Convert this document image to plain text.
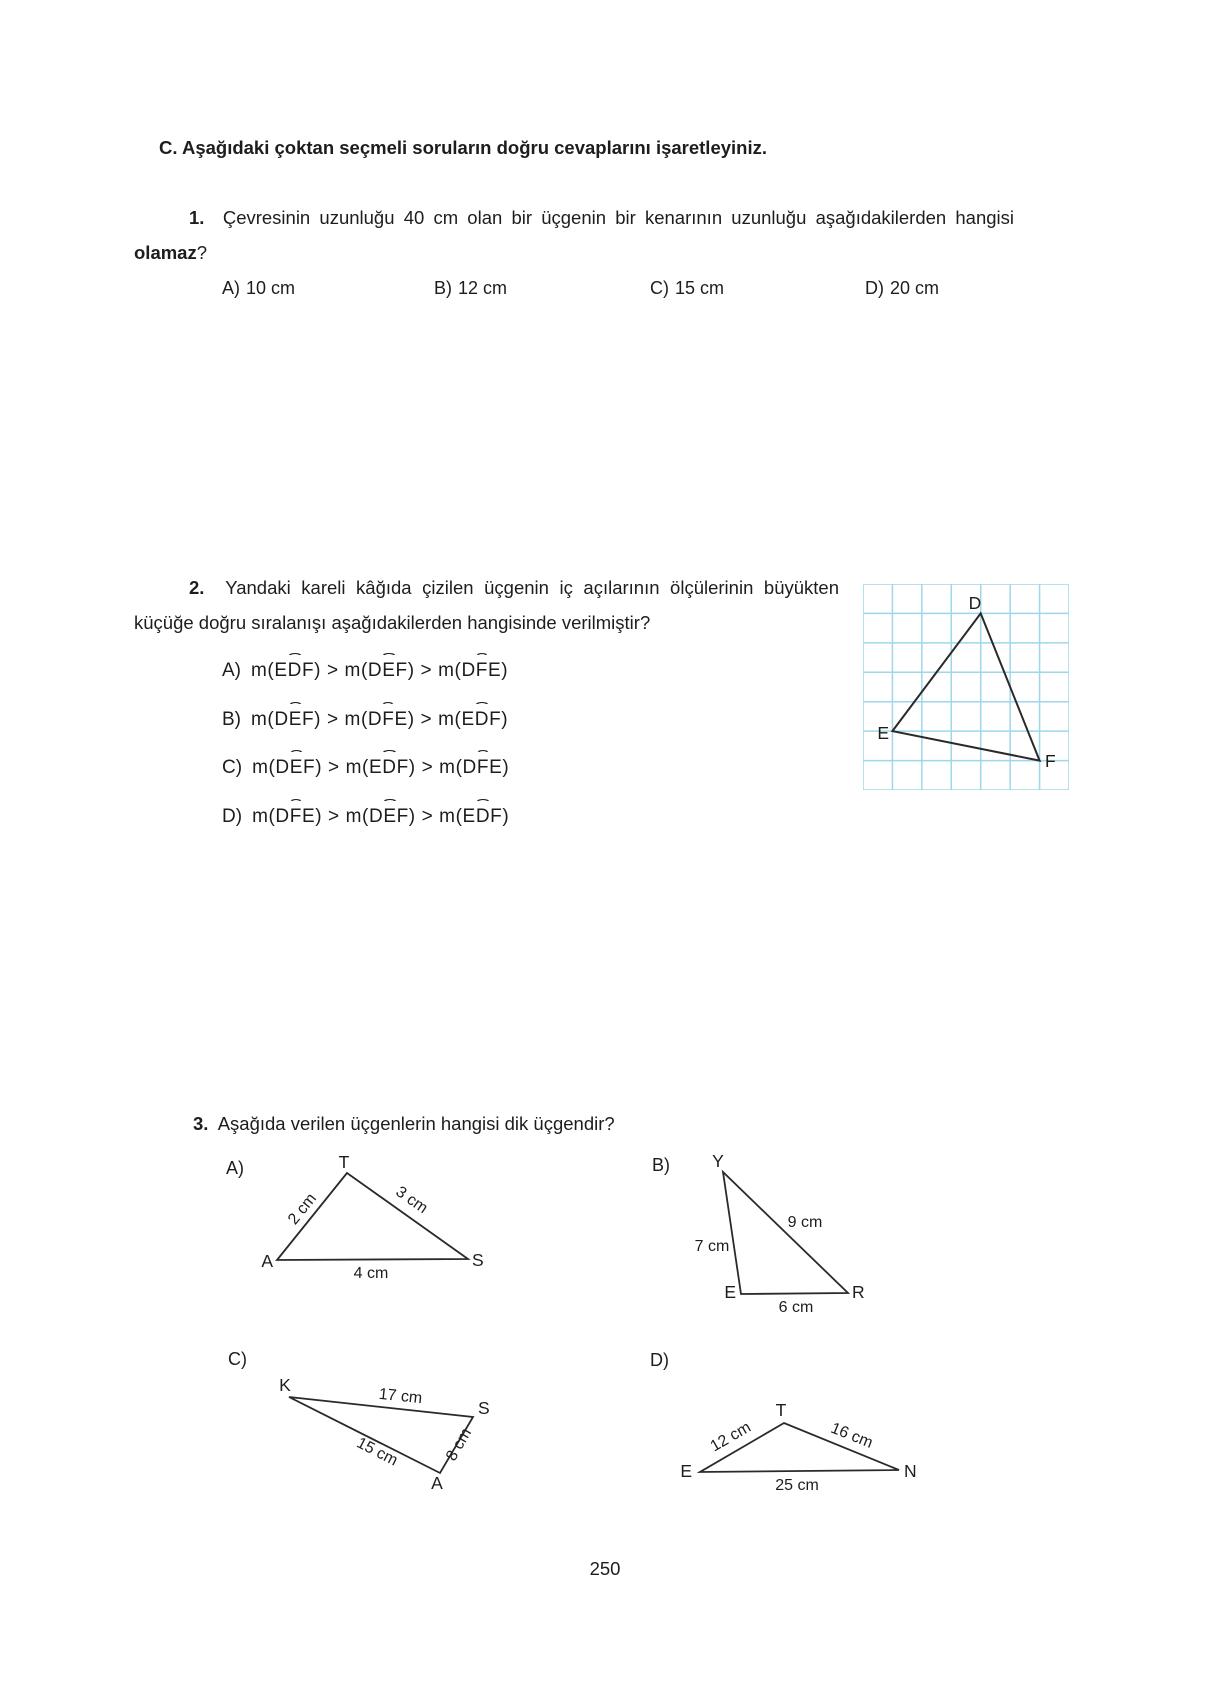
C. Aşağıdaki çoktan seçmeli soruların doğru cevaplarını işaretleyiniz.
1. Çevresinin uzunluğu 40 cm olan bir üçgenin bir kenarının uzunluğu aşağıdakilerden hangisi olamaz?
A) 10 cm	B) 12 cm	C) 15 cm	D) 20 cm
2. Yandaki kareli kâğıda çizilen üçgenin iç açılarının ölçülerinin büyükten küçüğe doğru sıralanışı aşağıdakilerden hangisinde verilmiştir?
A) m(EDF) > m(DEF) > m(DFE)
B) m(DEF) > m(DFE) > m(EDF)
C) m(DEF) > m(EDF) > m(DFE)
D) m(DFE) > m(DEF) > m(EDF)
D
E
F
3. Aşağıda verilen üçgenlerin hangisi dik üçgendir?
A)	B)
C)	D)
T
A	S
2 cm	3 cm
4 cm
Y
E	R
7 cm
9 cm
6 cm
K
S
A
17 cm
15 cm	8 cm
T
E	N
12 cm	16 cm
25 cm
250
